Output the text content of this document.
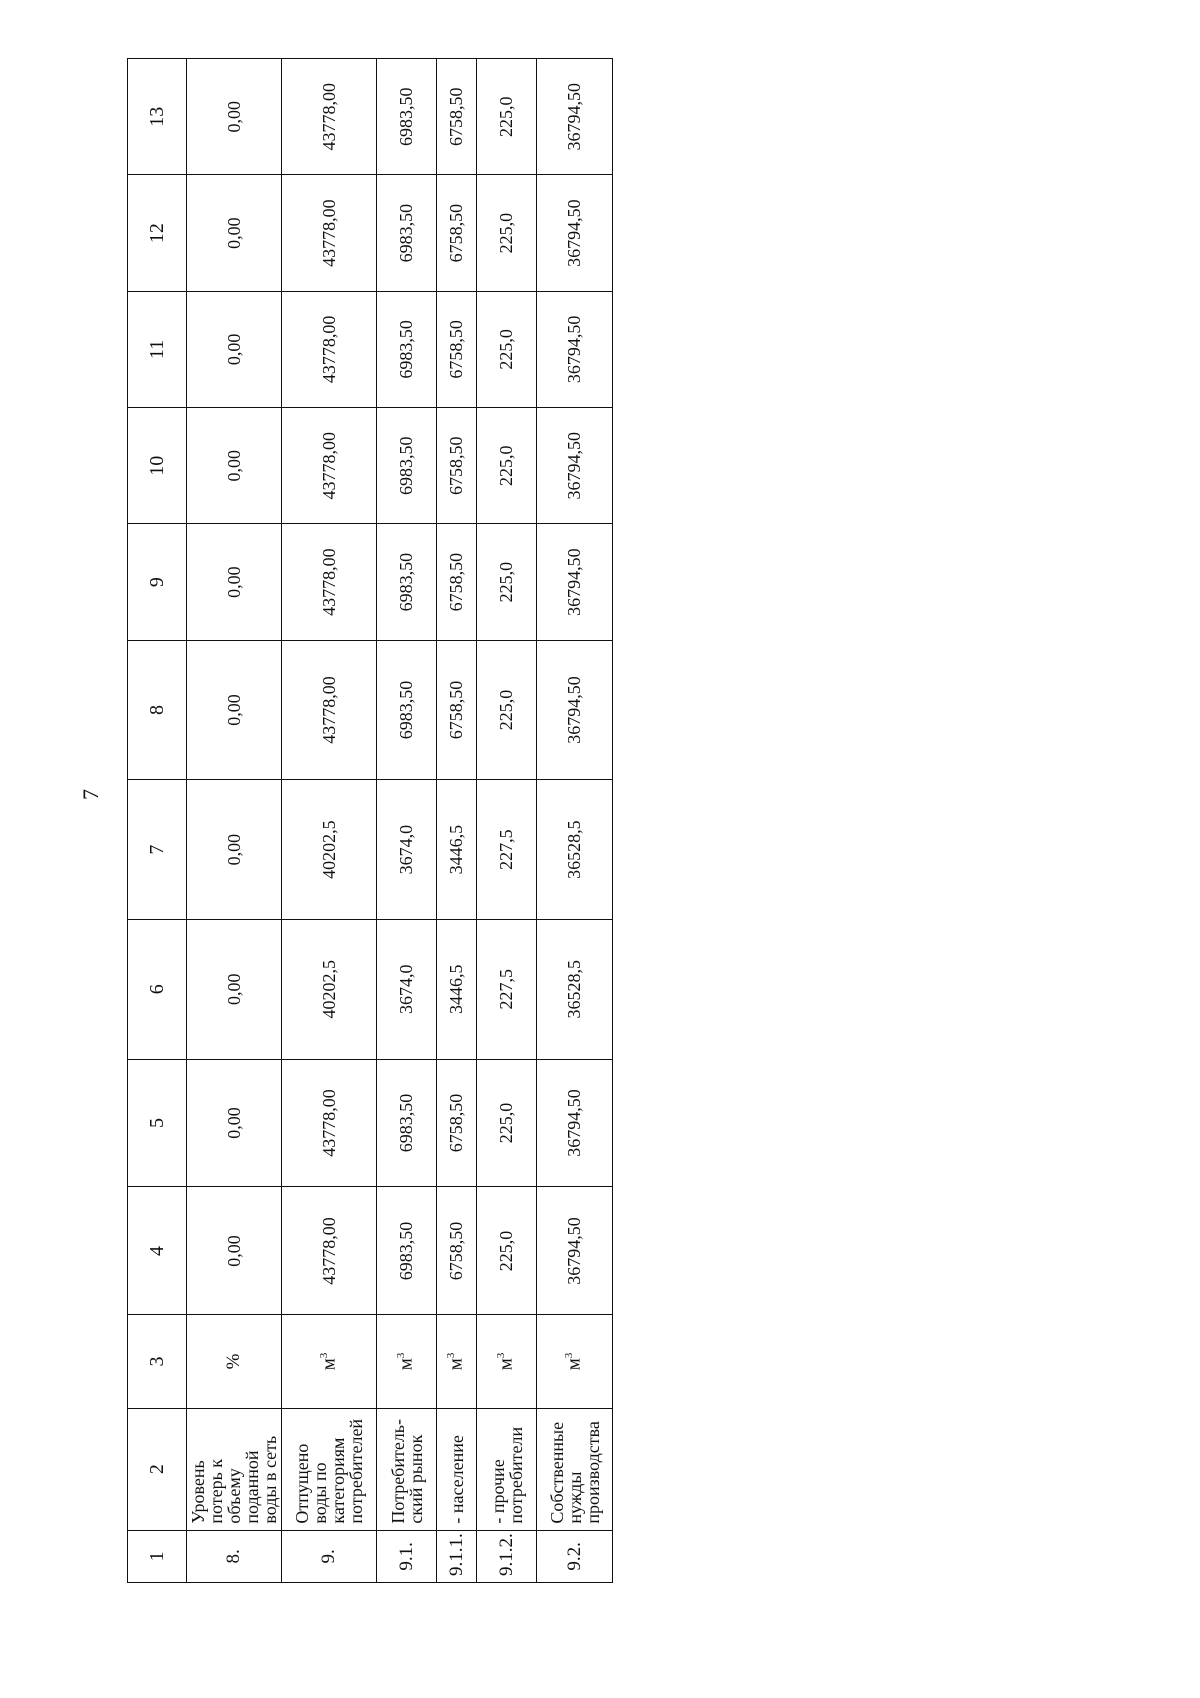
7
1	2	3	4	5	6	7	8	9	10	11	12	13
8.	Уровень потерь к объему поданной воды в сеть	%	0,00	0,00	0,00	0,00	0,00	0,00	0,00	0,00	0,00	0,00
9.	Отпущено воды по категориям потребителей	$м^3$	43778,00	43778,00	40202,5	40202,5	43778,00	43778,00	43778,00	43778,00	43778,00	43778,00
9.1.	Потребитель-ский рынок	$м^3$	6983,50	6983,50	3674,0	3674,0	6983,50	6983,50	6983,50	6983,50	6983,50	6983,50
9.1.1.	- население	$м^3$	6758,50	6758,50	3446,5	3446,5	6758,50	6758,50	6758,50	6758,50	6758,50	6758,50
9.1.2.	- прочие потребители	$м^3$	225,0	225,0	227,5	227,5	225,0	225,0	225,0	225,0	225,0	225,0
9.2.	Собственные нужды производства	$м^3$	36794,50	36794,50	36528,5	36528,5	36794,50	36794,50	36794,50	36794,50	36794,50	36794,50
